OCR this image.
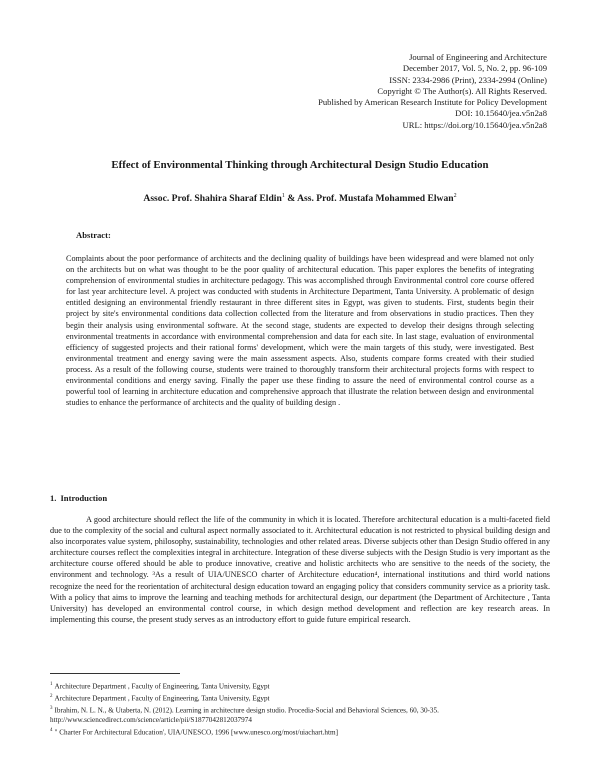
Journal of Engineering and Architecture
December 2017, Vol. 5, No. 2, pp. 96-109
ISSN: 2334-2986 (Print), 2334-2994 (Online)
Copyright © The Author(s). All Rights Reserved.
Published by American Research Institute for Policy Development
DOI: 10.15640/jea.v5n2a8
URL: https://doi.org/10.15640/jea.v5n2a8
Effect of Environmental Thinking through Architectural Design Studio Education
Assoc. Prof. Shahira Sharaf Eldin$^1$ & Ass. Prof. Mustafa Mohammed Elwan$^2$
Abstract:
Complaints about the poor performance of architects and the declining quality of buildings have been widespread and were blamed not only on the architects but on what was thought to be the poor quality of architectural education. This paper explores the benefits of integrating comprehension of environmental studies in architecture pedagogy. This was accomplished through Environmental control core course offered for last year architecture level. A project was conducted with students in Architecture Department, Tanta University. A problematic of design entitled designing an environmental friendly restaurant in three different sites in Egypt, was given to students. First, students begin their project by site's environmental conditions data collection collected from the literature and from observations in studio practices. Then they begin their analysis using environmental software. At the second stage, students are expected to develop their designs through selecting environmental treatments in accordance with environmental comprehension and data for each site. In last stage, evaluation of environmental efficiency of suggested projects and their rational forms' development, which were the main targets of this study, were investigated. Best environmental treatment and energy saving were the main assessment aspects. Also, students compare forms created with their studied process. As a result of the following course, students were trained to thoroughly transform their architectural projects forms with respect to environmental conditions and energy saving. Finally the paper use these finding to assure the need of environmental control course as a powerful tool of learning in architecture education and comprehensive approach that illustrate the relation between design and environmental studies to enhance the performance of architects and the quality of building design .
1. Introduction
A good architecture should reflect the life of the community in which it is located. Therefore architectural education is a multi-faceted field due to the complexity of the social and cultural aspect normally associated to it. Architectural education is not restricted to physical building design and also incorporates value system, philosophy, sustainability, technologies and other related areas. Diverse subjects other than Design Studio offered in any architecture courses reflect the complexities integral in architecture. Integration of these diverse subjects with the Design Studio is very important as the architecture course offered should be able to produce innovative, creative and holistic architects who are sensitive to the needs of the society, the environment and technology. ³As a result of UIA/UNESCO charter of Architecture education⁴, international institutions and third world nations recognize the need for the reorientation of architectural design education toward an engaging policy that considers community service as a priority task. With a policy that aims to improve the learning and teaching methods for architectural design, our department (the Department of Architecture , Tanta University) has developed an environmental control course, in which design method development and reflection are key research areas. In implementing this course, the present study serves as an introductory effort to guide future empirical research.
$^1$ Architecture Department , Faculty of Engineering, Tanta University, Egypt
$^2$ Architecture Department , Faculty of Engineering, Tanta University, Egypt
$^3$ Ibrahim, N. L. N., & Utaberta, N. (2012). Learning in architecture design studio. Procedia-Social and Behavioral Sciences, 60, 30-35. http://www.sciencedirect.com/science/article/pii/S1877042812037974
$^4$ " Charter For Architectural Education', UIA/UNESCO, 1996 [www.unesco.org/most/uiachart.htm]
